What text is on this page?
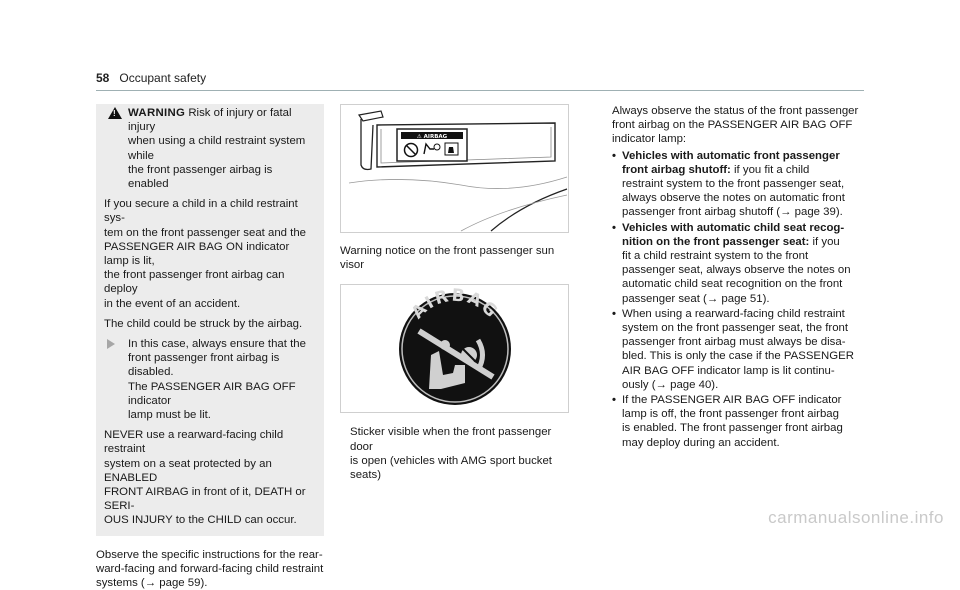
58 Occupant safety
! WARNING Risk of injury or fatal injury
when using a child restraint system while
the front passenger airbag is enabled

If you secure a child in a child restraint sys-
tem on the front passenger seat and the
PASSENGER AIR BAG ON indicator lamp is lit,
the front passenger front airbag can deploy
in the event of an accident.

The child could be struck by the airbag.

In this case, always ensure that the
front passenger front airbag is disabled.
The PASSENGER AIR BAG OFF indicator
lamp must be lit.

NEVER use a rearward-facing child restraint
system on a seat protected by an ENABLED
FRONT AIRBAG in front of it, DEATH or SERI-
OUS INJURY to the CHILD can occur.

Observe the specific instructions for the rear-
ward-facing and forward-facing child restraint
systems (→ page 59).

⚠ AIRBAG
Warning notice on the front passenger sun visor
AIRBAG
Sticker visible when the front passenger door
is open (vehicles with AMG sport bucket
seats)

Always observe the status of the front passenger
front airbag on the PASSENGER AIR BAG OFF
indicator lamp:

• Vehicles with automatic front passenger
front airbag shutoff: if you fit a child
restraint system to the front passenger seat,
always observe the notes on automatic front
passenger front airbag shutoff (→ page 39).
• Vehicles with automatic child seat recog-
nition on the front passenger seat: if you
fit a child restraint system to the front
passenger seat, always observe the notes on
automatic child seat recognition on the front
passenger seat (→ page 51).
• When using a rearward-facing child restraint
system on the front passenger seat, the front
passenger front airbag must always be disa-
bled. This is only the case if the PASSENGER
AIR BAG OFF indicator lamp is lit continu-
ously (→ page 40).
• If the PASSENGER AIR BAG OFF indicator
lamp is off, the front passenger front airbag
is enabled. The front passenger front airbag
may deploy during an accident.
carmanualsonline.info
